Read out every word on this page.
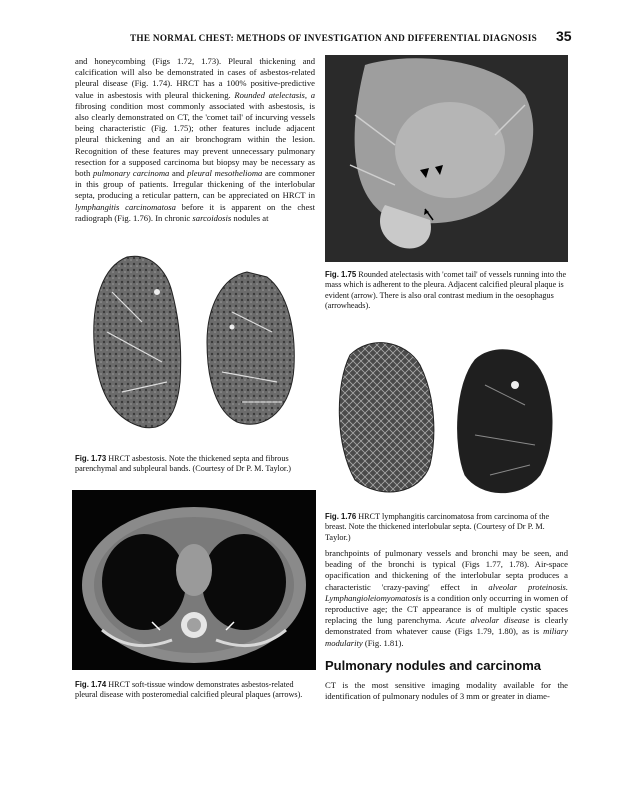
THE NORMAL CHEST: METHODS OF INVESTIGATION AND DIFFERENTIAL DIAGNOSIS 35
and honeycombing (Figs 1.72, 1.73). Pleural thickening and calcification will also be demonstrated in cases of asbestos-related pleural disease (Fig. 1.74). HRCT has a 100% positive-predictive value in asbestosis with pleural thickening. Rounded atelectasis, a fibrosing condition most commonly associated with asbestosis, is also clearly demonstrated on CT, the 'comet tail' of incurving vessels being characteristic (Fig. 1.75); other features include adjacent pleural thickening and an air bronchogram within the lesion. Recognition of these features may prevent unnecessary pulmonary resection for a supposed carcinoma but biopsy may be necessary as both pulmonary carcinoma and pleural mesothelioma are commoner in this group of patients. Irregular thickening of the interlobular septa, producing a reticular pattern, can be appreciated on HRCT in lymphangitis carcinomatosa before it is apparent on the chest radiograph (Fig. 1.76). In chronic sarcoidosis nodules at
Fig. 1.73 HRCT asbestosis. Note the thickened septa and fibrous parenchymal and subpleural bands. (Courtesy of Dr P. M. Taylor.)
Fig. 1.74 HRCT soft-tissue window demonstrates asbestos-related pleural disease with posteromedial calcified pleural plaques (arrows).
Fig. 1.75 Rounded atelectasis with 'comet tail' of vessels running into the mass which is adherent to the pleura. Adjacent calcified pleural plaque is evident (arrow). There is also oral contrast medium in the oesophagus (arrowheads).
Fig. 1.76 HRCT lymphangitis carcinomatosa from carcinoma of the breast. Note the thickened interlobular septa. (Courtesy of Dr P. M. Taylor.)
branchpoints of pulmonary vessels and bronchi may be seen, and beading of the bronchi is typical (Figs 1.77, 1.78). Air-space opacification and thickening of the interlobular septa produces a characteristic 'crazy-paving' effect in alveolar proteinosis. Lymphangioleiomyomatosis is a condition only occurring in women of reproductive age; the CT appearance is of multiple cystic spaces replacing the lung parenchyma. Acute alveolar disease is clearly demonstrated from whatever cause (Figs 1.79, 1.80), as is miliary modularity (Fig. 1.81).
Pulmonary nodules and carcinoma
CT is the most sensitive imaging modality available for the identification of pulmonary nodules of 3 mm or greater in diame-
